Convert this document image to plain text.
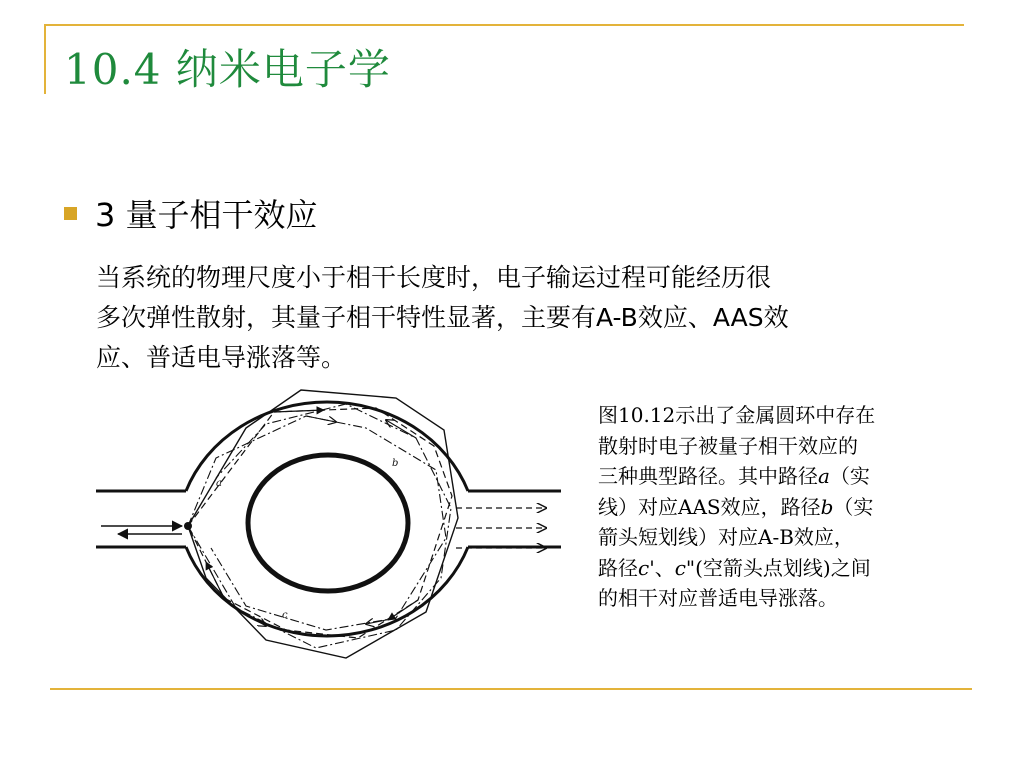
10.4 纳米电子学
3 量子相干效应
当系统的物理尺度小于相干长度时，电子输运过程可能经历很
多次弹性散射，其量子相干特性显著，主要有A-B效应、AAS效
应、普适电导涨落等。
a
b
c
图10.12示出了金属圆环中存在
散射时电子被量子相干效应的
三种典型路径。其中路径a（实
线）对应AAS效应，路径b（实
箭头短划线）对应A-B效应，
路径c'、c"(空箭头点划线)之间
的相干对应普适电导涨落。
